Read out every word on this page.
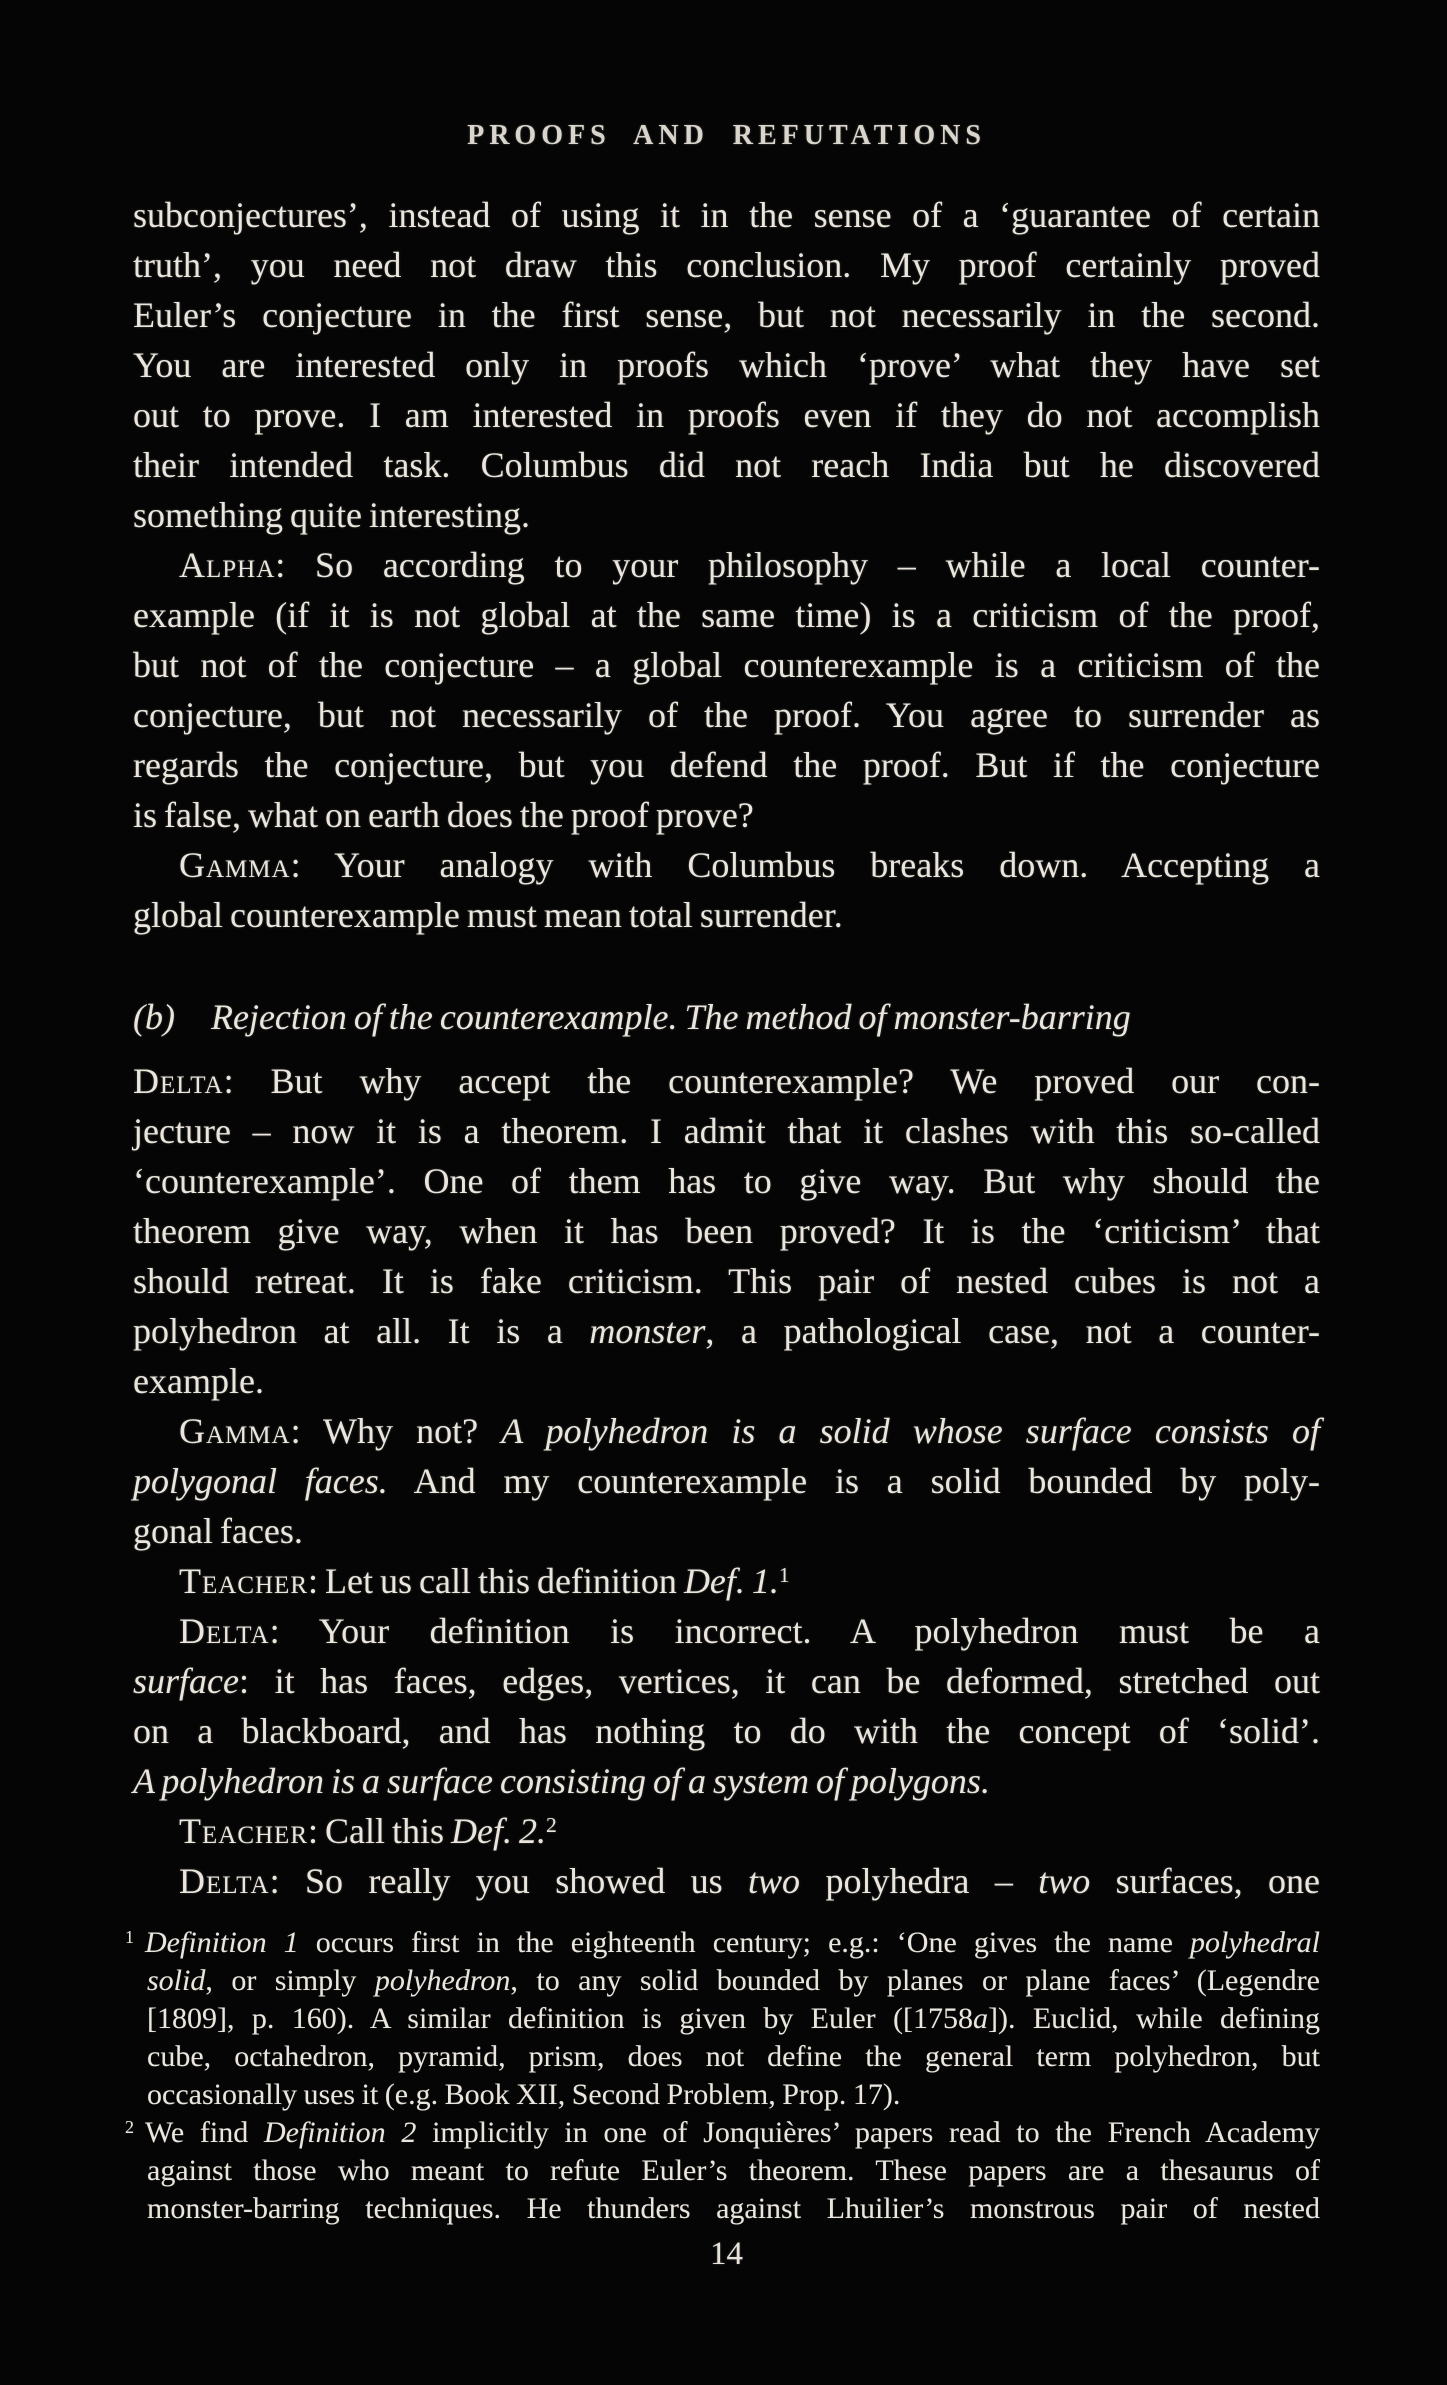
PROOFS AND REFUTATIONS
subconjectures’, instead of using it in the sense of a ‘guarantee of certain
truth’, you need not draw this conclusion. My proof certainly proved
Euler’s conjecture in the first sense, but not necessarily in the second.
You are interested only in proofs which ‘prove’ what they have set
out to prove. I am interested in proofs even if they do not accomplish
their intended task. Columbus did not reach India but he discovered
something quite interesting.
Alpha: So according to your philosophy – while a local counter-
example (if it is not global at the same time) is a criticism of the proof,
but not of the conjecture – a global counterexample is a criticism of the
conjecture, but not necessarily of the proof. You agree to surrender as
regards the conjecture, but you defend the proof. But if the conjecture
is false, what on earth does the proof prove?
Gamma: Your analogy with Columbus breaks down. Accepting a
global counterexample must mean total surrender.
(b)  Rejection of the counterexample. The method of monster-barring
Delta: But why accept the counterexample? We proved our con-
jecture – now it is a theorem. I admit that it clashes with this so-called
‘counterexample’. One of them has to give way. But why should the
theorem give way, when it has been proved? It is the ‘criticism’ that
should retreat. It is fake criticism. This pair of nested cubes is not a
polyhedron at all. It is a monster, a pathological case, not a counter-
example.
Gamma: Why not? A polyhedron is a solid whose surface consists of
polygonal faces. And my counterexample is a solid bounded by poly-
gonal faces.
Teacher: Let us call this definition Def. 1.$^1$
Delta: Your definition is incorrect. A polyhedron must be a
surface: it has faces, edges, vertices, it can be deformed, stretched out
on a blackboard, and has nothing to do with the concept of ‘solid’.
A polyhedron is a surface consisting of a system of polygons.
Teacher: Call this Def. 2.$^2$
Delta: So really you showed us two polyhedra – two surfaces, one
$^1$ Definition 1 occurs first in the eighteenth century; e.g.: ‘One gives the name polyhedral
solid, or simply polyhedron, to any solid bounded by planes or plane faces’ (Legendre
[1809], p. 160). A similar definition is given by Euler ([1758a]). Euclid, while defining
cube, octahedron, pyramid, prism, does not define the general term polyhedron, but
occasionally uses it (e.g. Book XII, Second Problem, Prop. 17).
$^2$ We find Definition 2 implicitly in one of Jonquières’ papers read to the French Academy
against those who meant to refute Euler’s theorem. These papers are a thesaurus of
monster-barring techniques. He thunders against Lhuilier’s monstrous pair of nested
14
